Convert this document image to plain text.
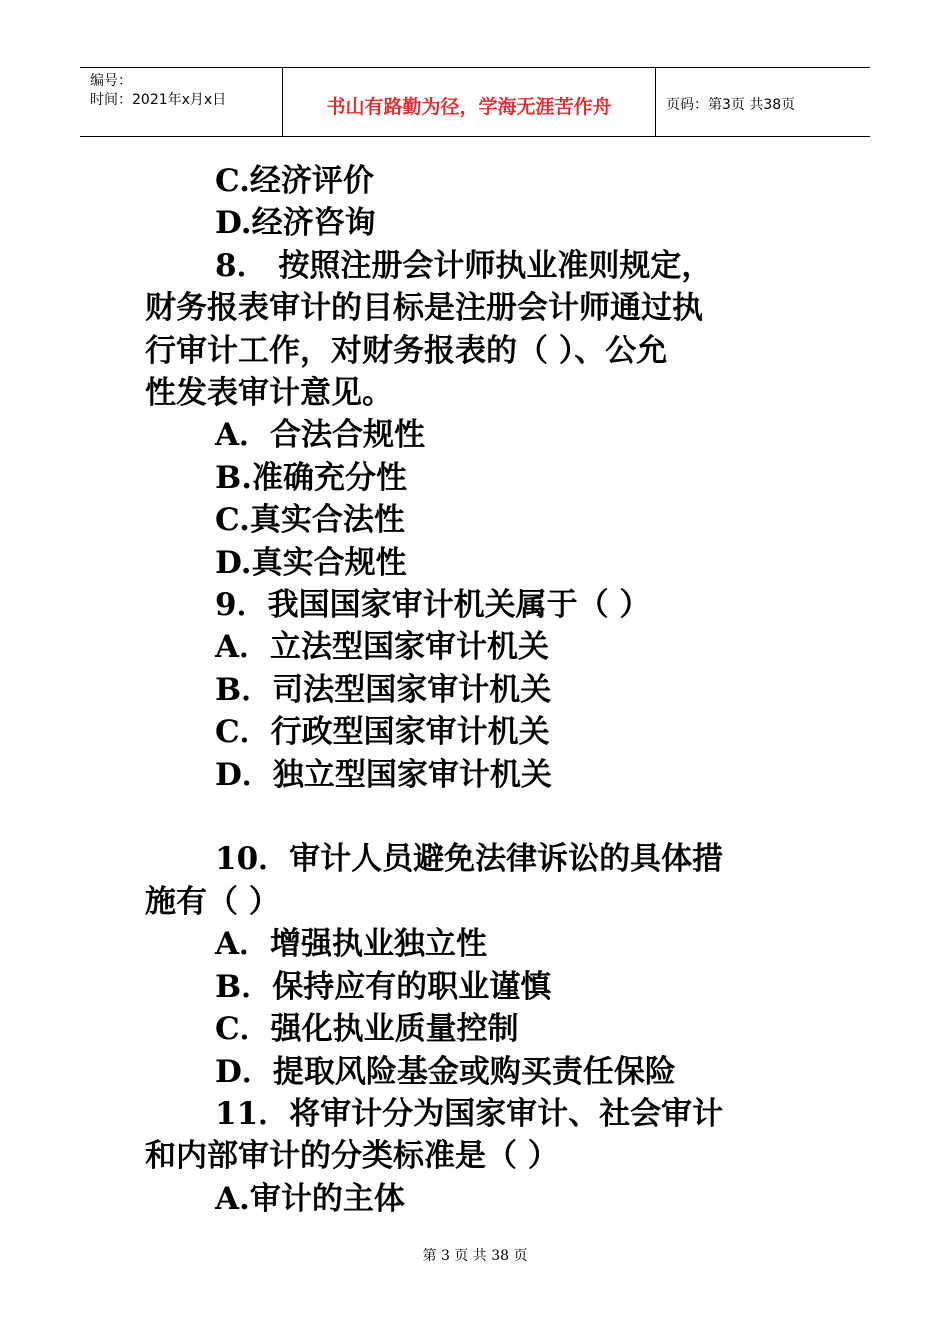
编号：
时间：2021年x月x日	书山有路勤为径，学海无涯苦作舟	页码：第3页 共38页
C.经济评价
D.经济咨询
8． 按照注册会计师执业准则规定，
财务报表审计的目标是注册会计师通过执
行审计工作，对财务报表的（ ）、公允
性发表审计意见。
A．合法合规性
B.准确充分性
C.真实合法性
D.真实合规性
9．我国国家审计机关属于（ ）
A．立法型国家审计机关
B．司法型国家审计机关
C．行政型国家审计机关
D．独立型国家审计机关
10．审计人员避免法律诉讼的具体措
施有（ ）
A．增强执业独立性
B．保持应有的职业谨慎
C．强化执业质量控制
D．提取风险基金或购买责任保险
11．将审计分为国家审计、社会审计
和内部审计的分类标准是（ ）
A.审计的主体
第 3 页 共 38 页
